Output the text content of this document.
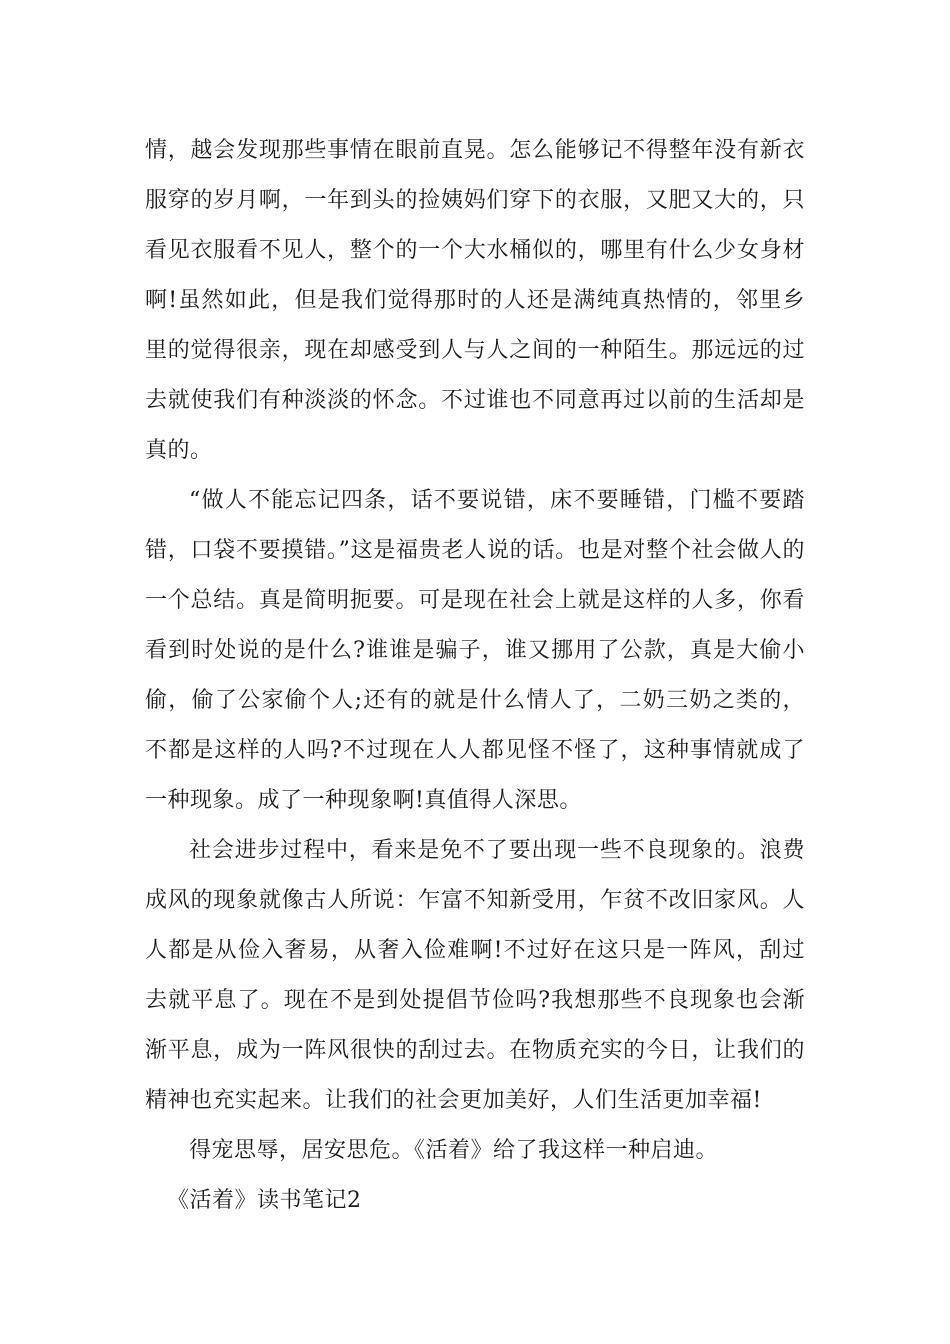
情，越会发现那些事情在眼前直晃。怎么能够记不得整年没有新衣服穿的岁月啊，一年到头的捡姨妈们穿下的衣服，又肥又大的，只看见衣服看不见人，整个的一个大水桶似的，哪里有什么少女身材啊!虽然如此，但是我们觉得那时的人还是满纯真热情的，邻里乡里的觉得很亲，现在却感受到人与人之间的一种陌生。那远远的过去就使我们有种淡淡的怀念。不过谁也不同意再过以前的生活却是真的。

“做人不能忘记四条，话不要说错，床不要睡错，门槛不要踏错，口袋不要摸错。”这是福贵老人说的话。也是对整个社会做人的一个总结。真是简明扼要。可是现在社会上就是这样的人多，你看看到时处说的是什么?谁谁是骗子，谁又挪用了公款，真是大偷小偷，偷了公家偷个人;还有的就是什么情人了，二奶三奶之类的，不都是这样的人吗?不过现在人人都见怪不怪了，这种事情就成了一种现象。成了一种现象啊!真值得人深思。

社会进步过程中，看来是免不了要出现一些不良现象的。浪费成风的现象就像古人所说：乍富不知新受用，乍贫不改旧家风。人人都是从俭入奢易，从奢入俭难啊!不过好在这只是一阵风，刮过去就平息了。现在不是到处提倡节俭吗?我想那些不良现象也会渐渐平息，成为一阵风很快的刮过去。在物质充实的今日，让我们的精神也充实起来。让我们的社会更加美好，人们生活更加幸福!

得宠思辱，居安思危。《活着》给了我这样一种启迪。

《活着》读书笔记2
